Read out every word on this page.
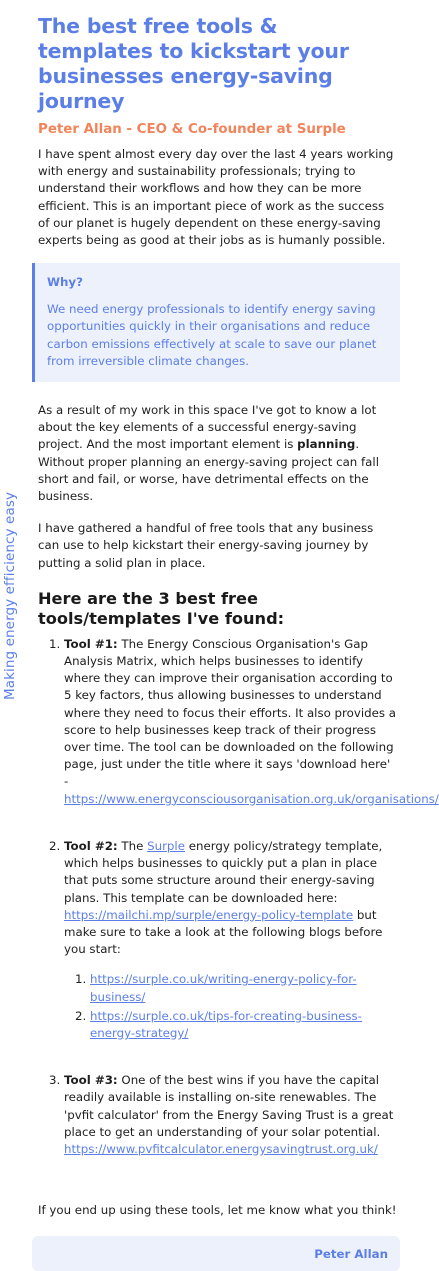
Making energy efficiency easy
The best free tools & templates to kickstart your businesses energy-saving journey
Peter Allan - CEO & Co-founder at Surple

I have spent almost every day over the last 4 years working with energy and sustainability professionals; trying to understand their workflows and how they can be more efficient. This is an important piece of work as the success of our planet is hugely dependent on these energy-saving experts being as good at their jobs as is humanly possible.

Why?

We need energy professionals to identify energy saving opportunities quickly in their organisations and reduce carbon emissions effectively at scale to save our planet from irreversible climate changes.

As a result of my work in this space I've got to know a lot about the key elements of a successful energy-saving project. And the most important element is planning. Without proper planning an energy-saving project can fall short and fail, or worse, have detrimental effects on the business.

I have gathered a handful of free tools that any business can use to help kickstart their energy-saving journey by putting a solid plan in place.

Here are the 3 best free tools/templates I've found:
1. Tool #1: The Energy Conscious Organisation's Gap Analysis Matrix, which helps businesses to identify where they can improve their organisation according to 5 key factors, thus allowing businesses to understand where they need to focus their efforts. It also provides a score to help businesses keep track of their progress over time. The tool can be downloaded on the following page, just under the title where it says 'download here' - https://www.energyconsciousorganisation.org.uk/organisations/
2. Tool #2: The Surple energy policy/strategy template, which helps businesses to quickly put a plan in place that puts some structure around their energy-saving plans. This template can be downloaded here: https://mailchi.mp/surple/energy-policy-template but make sure to take a look at the following blogs before you start:
1. https://surple.co.uk/writing-energy-policy-for-business/
2. https://surple.co.uk/tips-for-creating-business-energy-strategy/
3. Tool #3: One of the best wins if you have the capital readily available is installing on-site renewables. The 'pvfit calculator' from the Energy Saving Trust is a great place to get an understanding of your solar potential. https://www.pvfitcalculator.energysavingtrust.org.uk/

If you end up using these tools, let me know what you think!

Peter Allan
